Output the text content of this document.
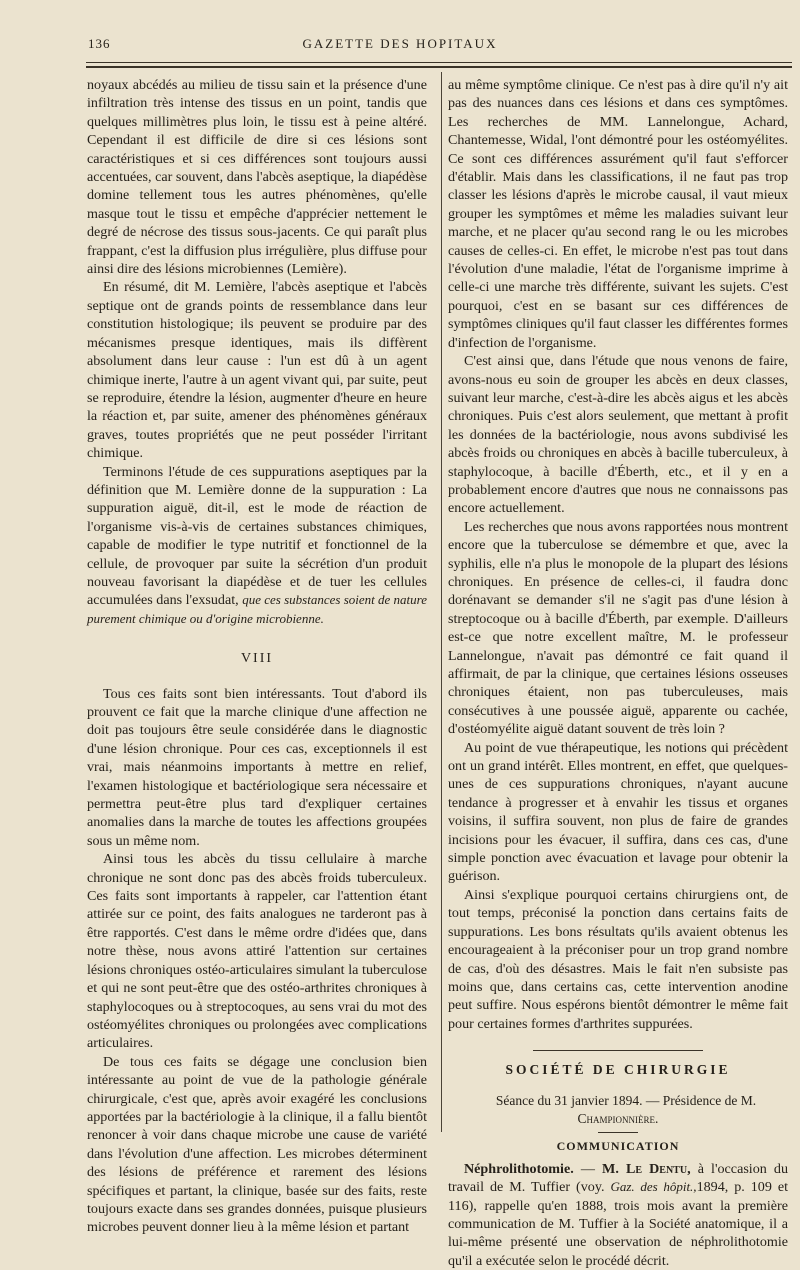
136	GAZETTE DES HOPITAUX

noyaux abcédés au milieu de tissu sain et la présence d'une infiltration très intense des tissus en un point, tandis que quelques millimètres plus loin, le tissu est à peine altéré. Cependant il est difficile de dire si ces lésions sont caractéristiques et si ces différences sont toujours aussi accentuées, car souvent, dans l'abcès aseptique, la diapédèse domine tellement tous les autres phénomènes, qu'elle masque tout le tissu et empêche d'apprécier nettement le degré de nécrose des tissus sous-jacents. Ce qui paraît plus frappant, c'est la diffusion plus irrégulière, plus diffuse pour ainsi dire des lésions microbiennes (Lemière).

En résumé, dit M. Lemière, l'abcès aseptique et l'abcès septique ont de grands points de ressemblance dans leur constitution histologique; ils peuvent se produire par des mécanismes presque identiques, mais ils diffèrent absolument dans leur cause : l'un est dû à un agent chimique inerte, l'autre à un agent vivant qui, par suite, peut se reproduire, étendre la lésion, augmenter d'heure en heure la réaction et, par suite, amener des phénomènes généraux graves, toutes propriétés que ne peut posséder l'irritant chimique.

Terminons l'étude de ces suppurations aseptiques par la définition que M. Lemière donne de la suppuration : La suppuration aiguë, dit-il, est le mode de réaction de l'organisme vis-à-vis de certaines substances chimiques, capable de modifier le type nutritif et fonctionnel de la cellule, de provoquer par suite la sécrétion d'un produit nouveau favorisant la diapédèse et de tuer les cellules accumulées dans l'exsudat, que ces substances soient de nature purement chimique ou d'origine microbienne.

VIII

Tous ces faits sont bien intéressants. Tout d'abord ils prouvent ce fait que la marche clinique d'une affection ne doit pas toujours être seule considérée dans le diagnostic d'une lésion chronique. Pour ces cas, exceptionnels il est vrai, mais néanmoins importants à mettre en relief, l'examen histologique et bactériologique sera nécessaire et permettra peut-être plus tard d'expliquer certaines anomalies dans la marche de toutes les affections groupées sous un même nom.

Ainsi tous les abcès du tissu cellulaire à marche chronique ne sont donc pas des abcès froids tuberculeux. Ces faits sont importants à rappeler, car l'attention étant attirée sur ce point, des faits analogues ne tarderont pas à être rapportés. C'est dans le même ordre d'idées que, dans notre thèse, nous avons attiré l'attention sur certaines lésions chroniques ostéo-articulaires simulant la tuberculose et qui ne sont peut-être que des ostéo-arthrites chroniques à staphylocoques ou à streptocoques, au sens vrai du mot des ostéomyélites chroniques ou prolongées avec complications articulaires.

De tous ces faits se dégage une conclusion bien intéressante au point de vue de la pathologie générale chirurgicale, c'est que, après avoir exagéré les conclusions apportées par la bactériologie à la clinique, il a fallu bientôt renoncer à voir dans chaque microbe une cause de variété dans l'évolution d'une affection. Les microbes déterminent des lésions de préférence et rarement des lésions spécifiques et partant, la clinique, basée sur des faits, reste toujours exacte dans ses grandes données, puisque plusieurs microbes peuvent donner lieu à la même lésion et partant

au même symptôme clinique. Ce n'est pas à dire qu'il n'y ait pas des nuances dans ces lésions et dans ces symptômes. Les recherches de MM. Lannelongue, Achard, Chantemesse, Widal, l'ont démontré pour les ostéomyélites. Ce sont ces différences assurément qu'il faut s'efforcer d'établir. Mais dans les classifications, il ne faut pas trop classer les lésions d'après le microbe causal, il vaut mieux grouper les symptômes et même les maladies suivant leur marche, et ne placer qu'au second rang le ou les microbes causes de celles-ci. En effet, le microbe n'est pas tout dans l'évolution d'une maladie, l'état de l'organisme imprime à celle-ci une marche très différente, suivant les sujets. C'est pourquoi, c'est en se basant sur ces différences de symptômes cliniques qu'il faut classer les différentes formes d'infection de l'organisme.

C'est ainsi que, dans l'étude que nous venons de faire, avons-nous eu soin de grouper les abcès en deux classes, suivant leur marche, c'est-à-dire les abcès aigus et les abcès chroniques. Puis c'est alors seulement, que mettant à profit les données de la bactériologie, nous avons subdivisé les abcès froids ou chroniques en abcès à bacille tuberculeux, à staphylocoque, à bacille d'Éberth, etc., et il y en a probablement encore d'autres que nous ne connaissons pas encore actuellement.

Les recherches que nous avons rapportées nous montrent encore que la tuberculose se démembre et que, avec la syphilis, elle n'a plus le monopole de la plupart des lésions chroniques. En présence de celles-ci, il faudra donc dorénavant se demander s'il ne s'agit pas d'une lésion à streptocoque ou à bacille d'Éberth, par exemple. D'ailleurs est-ce que notre excellent maître, M. le professeur Lannelongue, n'avait pas démontré ce fait quand il affirmait, de par la clinique, que certaines lésions osseuses chroniques étaient, non pas tuberculeuses, mais consécutives à une poussée aiguë, apparente ou cachée, d'ostéomyélite aiguë datant souvent de très loin ?

Au point de vue thérapeutique, les notions qui précèdent ont un grand intérêt. Elles montrent, en effet, que quelques-unes de ces suppurations chroniques, n'ayant aucune tendance à progresser et à envahir les tissus et organes voisins, il suffira souvent, non plus de faire de grandes incisions pour les évacuer, il suffira, dans ces cas, d'une simple ponction avec évacuation et lavage pour obtenir la guérison.

Ainsi s'explique pourquoi certains chirurgiens ont, de tout temps, préconisé la ponction dans certains faits de suppurations. Les bons résultats qu'ils avaient obtenus les encourageaient à la préconiser pour un trop grand nombre de cas, d'où des désastres. Mais le fait n'en subsiste pas moins que, dans certains cas, cette intervention anodine peut suffire. Nous espérons bientôt démontrer le même fait pour certaines formes d'arthrites suppurées.

SOCIÉTÉ DE CHIRURGIE

Séance du 31 janvier 1894. — Présidence de M. Championnière.

COMMUNICATION

Néphrolithotomie. — M. Le Dentu, à l'occasion du travail de M. Tuffier (voy. Gaz. des hôpit.,1894, p. 109 et 116), rappelle qu'en 1888, trois mois avant la première communication de M. Tuffier à la Société anatomique, il a lui-même présenté une observation de néphrolithotomie qu'il a exécutée selon le procédé décrit.
